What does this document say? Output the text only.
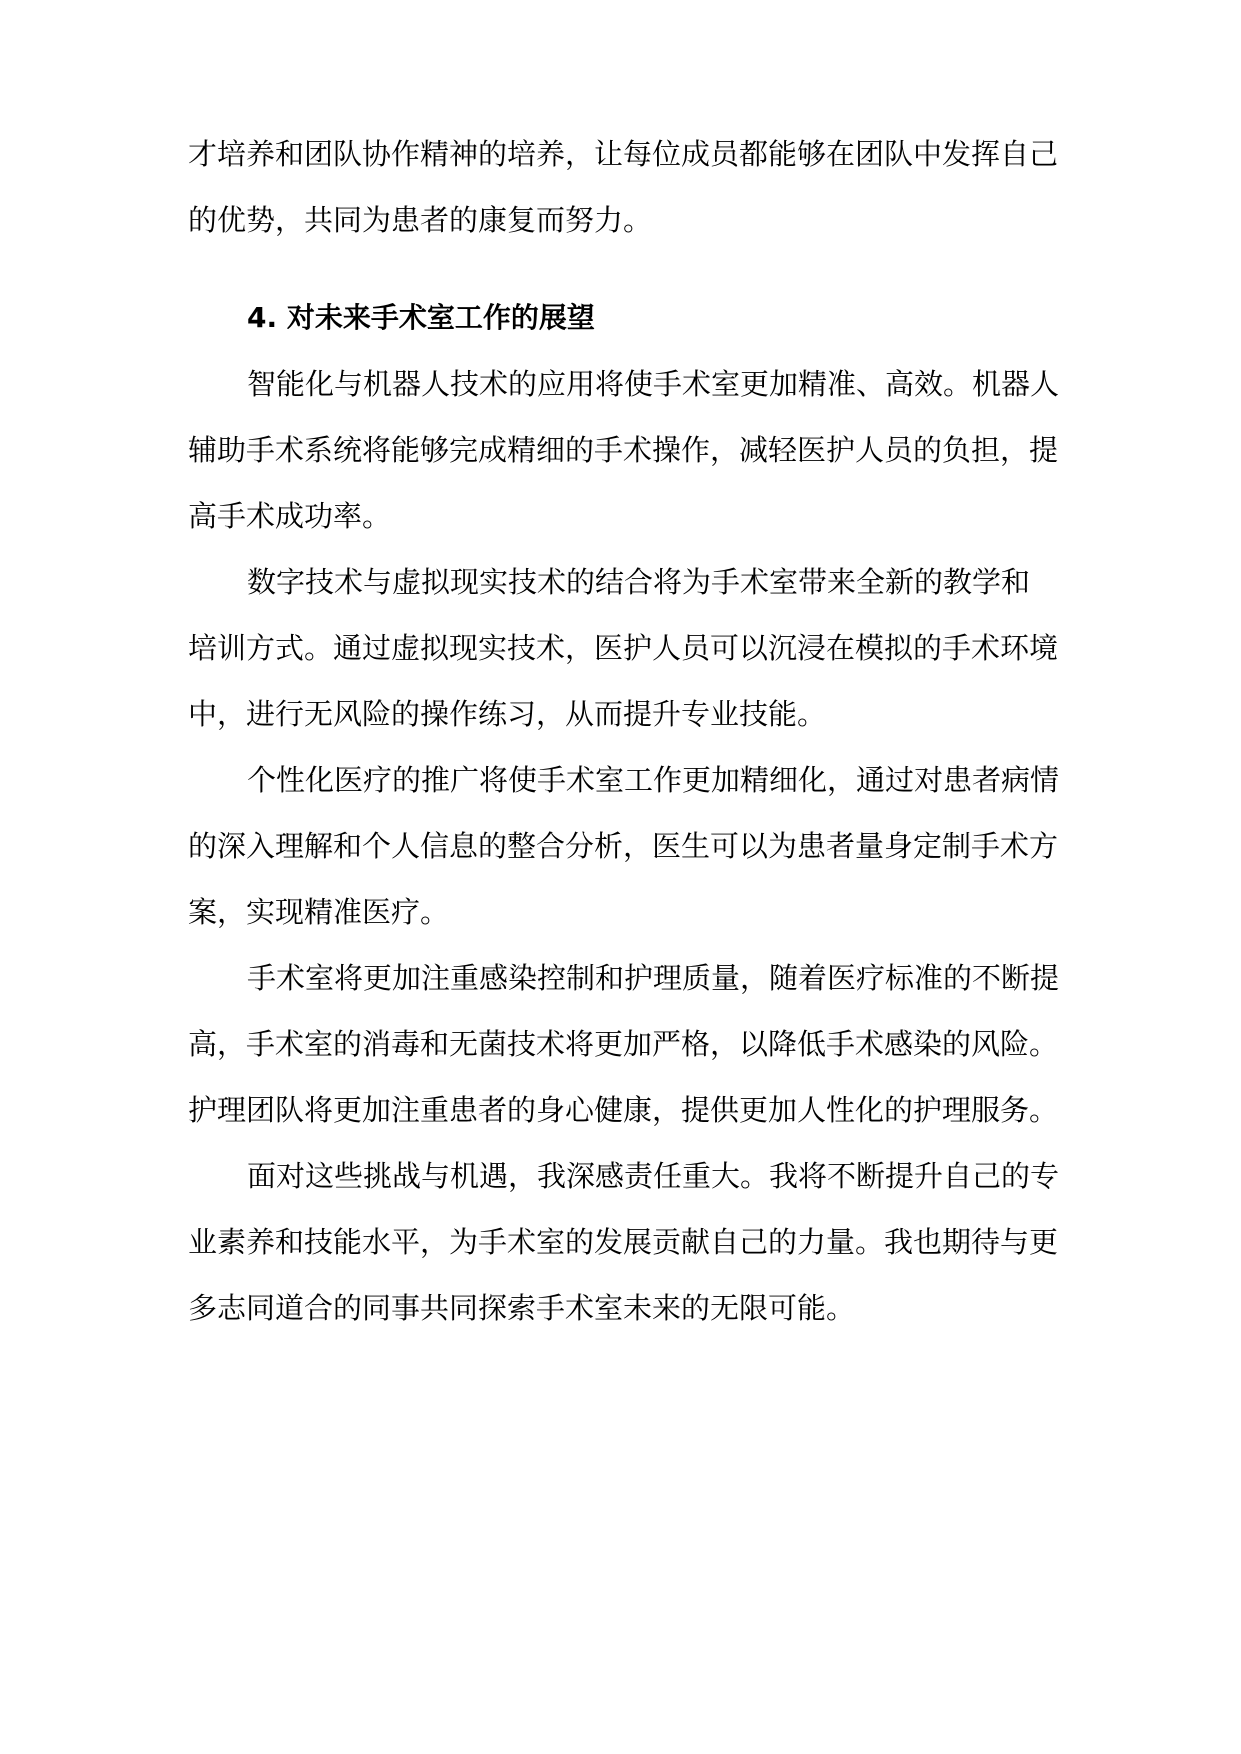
才培养和团队协作精神的培养，让每位成员都能够在团队中发挥自己
的优势，共同为患者的康复而努力。
4. 对未来手术室工作的展望
智能化与机器人技术的应用将使手术室更加精准、高效。机器人
辅助手术系统将能够完成精细的手术操作，减轻医护人员的负担，提
高手术成功率。
数字技术与虚拟现实技术的结合将为手术室带来全新的教学和
培训方式。通过虚拟现实技术，医护人员可以沉浸在模拟的手术环境
中，进行无风险的操作练习，从而提升专业技能。
个性化医疗的推广将使手术室工作更加精细化，通过对患者病情
的深入理解和个人信息的整合分析，医生可以为患者量身定制手术方
案，实现精准医疗。
手术室将更加注重感染控制和护理质量，随着医疗标准的不断提
高，手术室的消毒和无菌技术将更加严格，以降低手术感染的风险。
护理团队将更加注重患者的身心健康，提供更加人性化的护理服务。
面对这些挑战与机遇，我深感责任重大。我将不断提升自己的专
业素养和技能水平，为手术室的发展贡献自己的力量。我也期待与更
多志同道合的同事共同探索手术室未来的无限可能。
